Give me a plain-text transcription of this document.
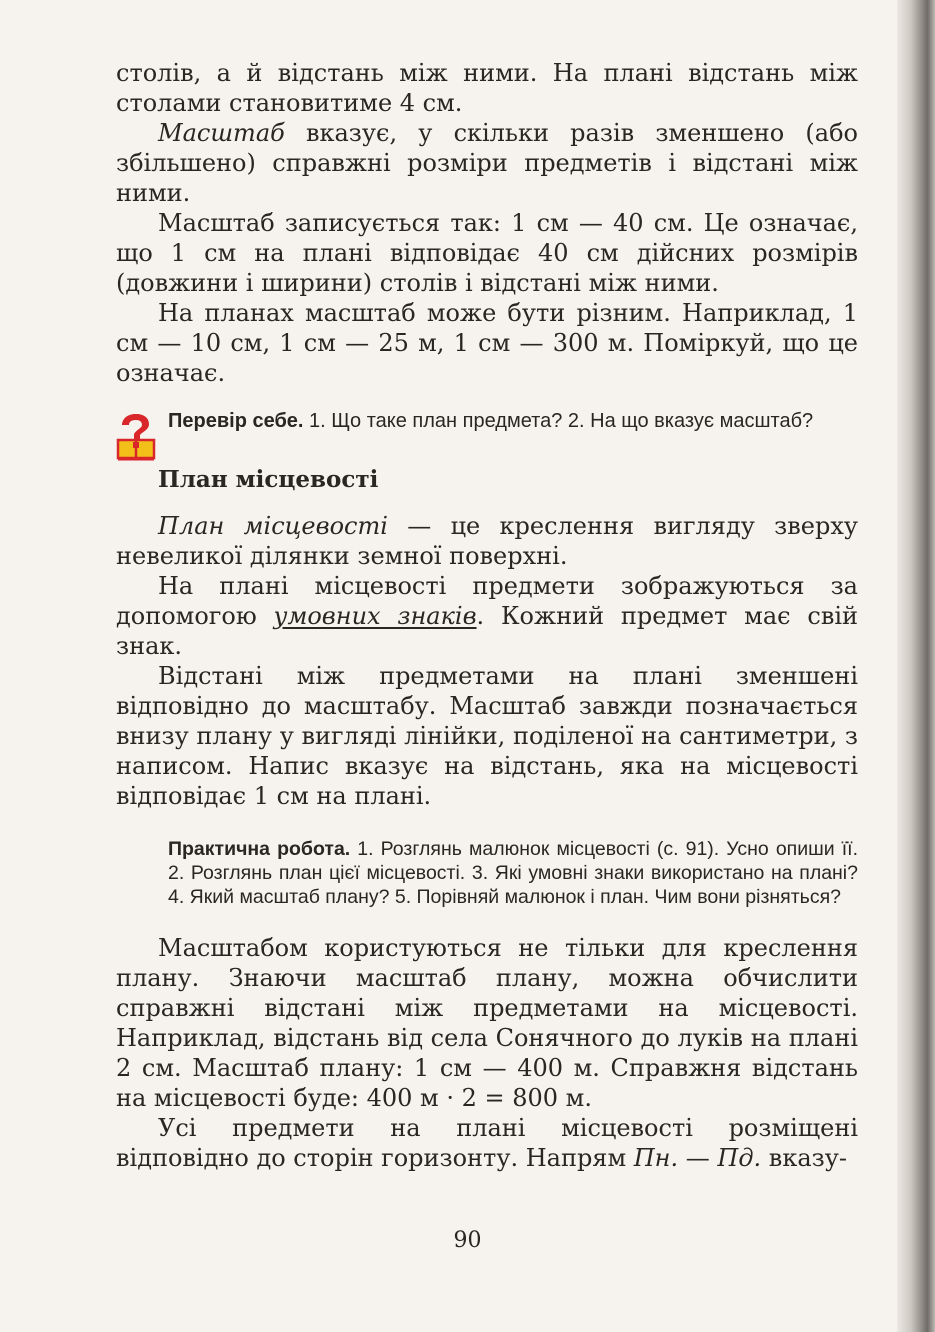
столів, а й відстань між ними. На плані відстань між столами становитиме 4 см.

Масштаб вказує, у скільки разів зменшено (або збільшено) справжні розміри предметів і відстані між ними.

Масштаб записується так: 1 см — 40 см. Це означає, що 1 см на плані відповідає 40 см дійсних розмірів (довжини і ширини) столів і відстані між ними.

На планах масштаб може бути різним. Наприклад, 1 см — 10 см, 1 см — 25 м, 1 см — 300 м. Поміркуй, що це означає.

Перевір себе. 1. Що таке план предмета? 2. На що вказує масштаб?
План місцевості

План місцевості — це креслення вигляду зверху невеликої ділянки земної поверхні.

На плані місцевості предмети зображуються за допомогою умовних знаків. Кожний предмет має свій знак.

Відстані між предметами на плані зменшені відповідно до масштабу. Масштаб завжди позначається внизу плану у вигляді лінійки, поділеної на сантиметри, з написом. Напис вказує на відстань, яка на місцевості відповідає 1 см на плані.

Практична робота. 1. Розглянь малюнок місцевості (с. 91). Усно опиши її. 2. Розглянь план цієї місцевості. 3. Які умовні знаки використано на плані? 4. Який масштаб плану? 5. Порівняй малюнок і план. Чим вони різняться?

Масштабом користуються не тільки для креслення плану. Знаючи масштаб плану, можна обчислити справжні відстані між предметами на місцевості. Наприклад, відстань від села Сонячного до луків на плані 2 см. Масштаб плану: 1 см — 400 м. Справжня відстань на місцевості буде: 400 м · 2 = 800 м.

Усі предмети на плані місцевості розміщені відповідно до сторін горизонту. Напрям Пн. — Пд. вказу-

90
